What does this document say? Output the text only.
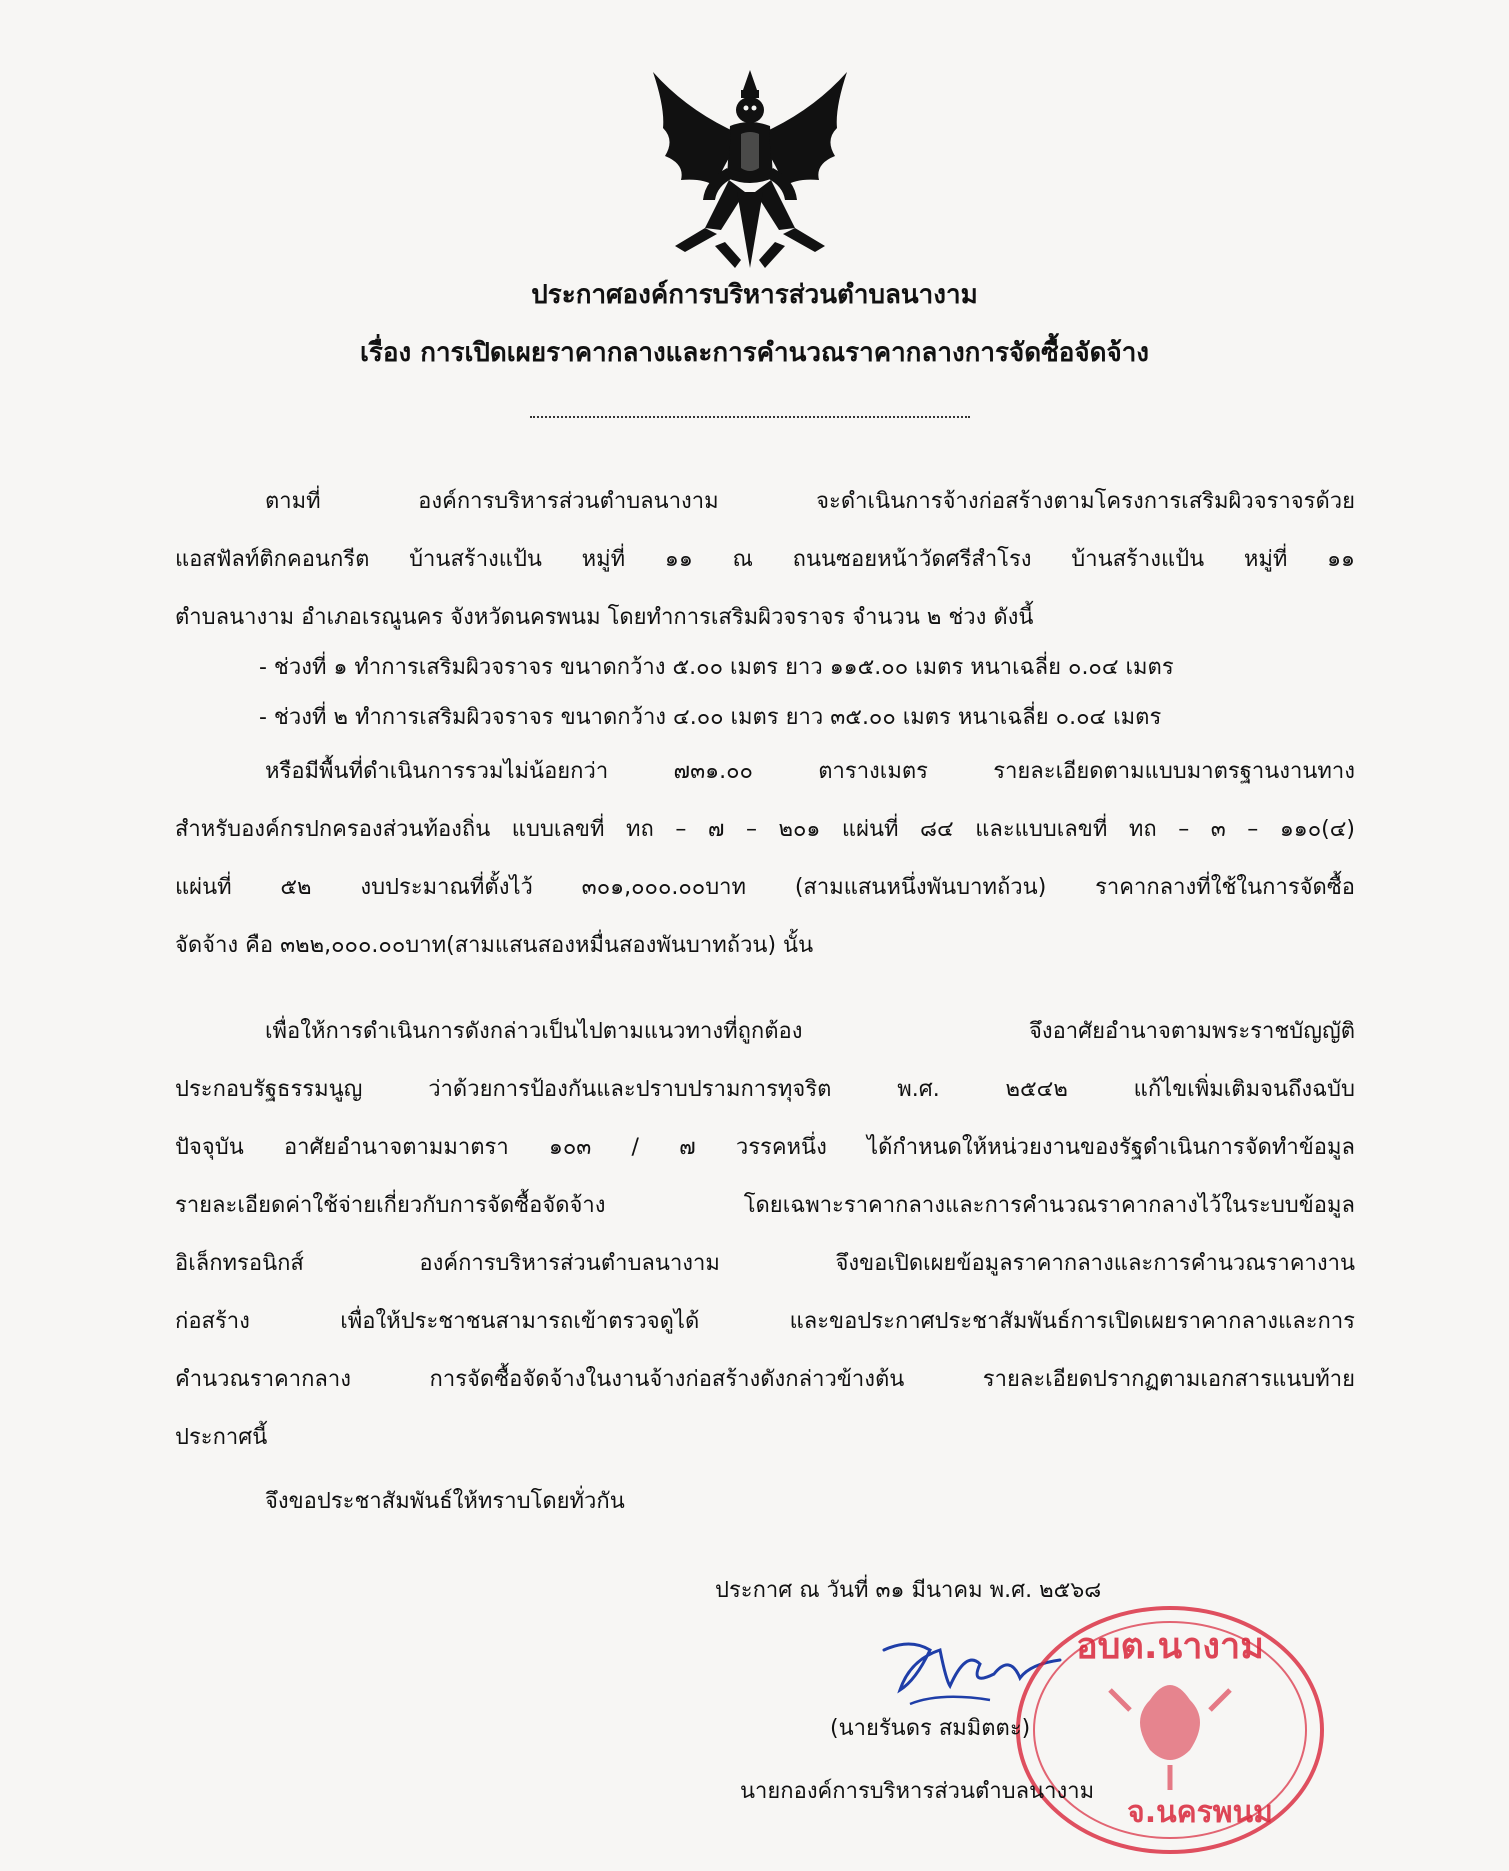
ประกาศองค์การบริหารส่วนตำบลนางาม
เรื่อง การเปิดเผยราคากลางและการคำนวณราคากลางการจัดซื้อจัดจ้าง
ตามที่ องค์การบริหารส่วนตำบลนางาม จะดำเนินการจ้างก่อสร้างตามโครงการเสริมผิวจราจรด้วย
แอสฟัลท์ติกคอนกรีต บ้านสร้างแป้น หมู่ที่ ๑๑ ณ ถนนซอยหน้าวัดศรีสำโรง บ้านสร้างแป้น หมู่ที่ ๑๑
ตำบลนางาม อำเภอเรณูนคร จังหวัดนครพนม โดยทำการเสริมผิวจราจร จำนวน ๒ ช่วง ดังนี้
- ช่วงที่ ๑ ทำการเสริมผิวจราจร ขนาดกว้าง ๕.๐๐ เมตร ยาว ๑๑๕.๐๐ เมตร หนาเฉลี่ย ๐.๐๔ เมตร
- ช่วงที่ ๒ ทำการเสริมผิวจราจร ขนาดกว้าง ๔.๐๐ เมตร ยาว ๓๕.๐๐ เมตร หนาเฉลี่ย ๐.๐๔ เมตร
หรือมีพื้นที่ดำเนินการรวมไม่น้อยกว่า ๗๓๑.๐๐ ตารางเมตร รายละเอียดตามแบบมาตรฐานงานทาง
สำหรับองค์กรปกครองส่วนท้องถิ่น แบบเลขที่ ทถ – ๗ – ๒๐๑ แผ่นที่ ๘๔ และแบบเลขที่ ทถ – ๓ – ๑๑๐(๔)
แผ่นที่ ๕๒ งบประมาณที่ตั้งไว้ ๓๐๑,๐๐๐.๐๐บาท (สามแสนหนึ่งพันบาทถ้วน) ราคากลางที่ใช้ในการจัดซื้อ
จัดจ้าง คือ ๓๒๒,๐๐๐.๐๐บาท(สามแสนสองหมื่นสองพันบาทถ้วน) นั้น
เพื่อให้การดำเนินการดังกล่าวเป็นไปตามแนวทางที่ถูกต้อง จึงอาศัยอำนาจตามพระราชบัญญัติ
ประกอบรัฐธรรมนูญ ว่าด้วยการป้องกันและปราบปรามการทุจริต พ.ศ. ๒๕๔๒ แก้ไขเพิ่มเติมจนถึงฉบับ
ปัจจุบัน อาศัยอำนาจตามมาตรา ๑๐๓ / ๗ วรรคหนึ่ง ได้กำหนดให้หน่วยงานของรัฐดำเนินการจัดทำข้อมูล
รายละเอียดค่าใช้จ่ายเกี่ยวกับการจัดซื้อจัดจ้าง โดยเฉพาะราคากลางและการคำนวณราคากลางไว้ในระบบข้อมูล
อิเล็กทรอนิกส์ องค์การบริหารส่วนตำบลนางาม จึงขอเปิดเผยข้อมูลราคากลางและการคำนวณราคางาน
ก่อสร้าง เพื่อให้ประชาชนสามารถเข้าตรวจดูได้ และขอประกาศประชาสัมพันธ์การเปิดเผยราคากลางและการ
คำนวณราคากลาง การจัดซื้อจัดจ้างในงานจ้างก่อสร้างดังกล่าวข้างต้น รายละเอียดปรากฏตามเอกสารแนบท้าย
ประกาศนี้
จึงขอประชาสัมพันธ์ให้ทราบโดยทั่วกัน
ประกาศ ณ วันที่ ๓๑ มีนาคม พ.ศ. ๒๕๖๘
อบต.นางาม
จ.นครพนม
(นายรันดร สมมิตตะ)
นายกองค์การบริหารส่วนตำบลนางาม
